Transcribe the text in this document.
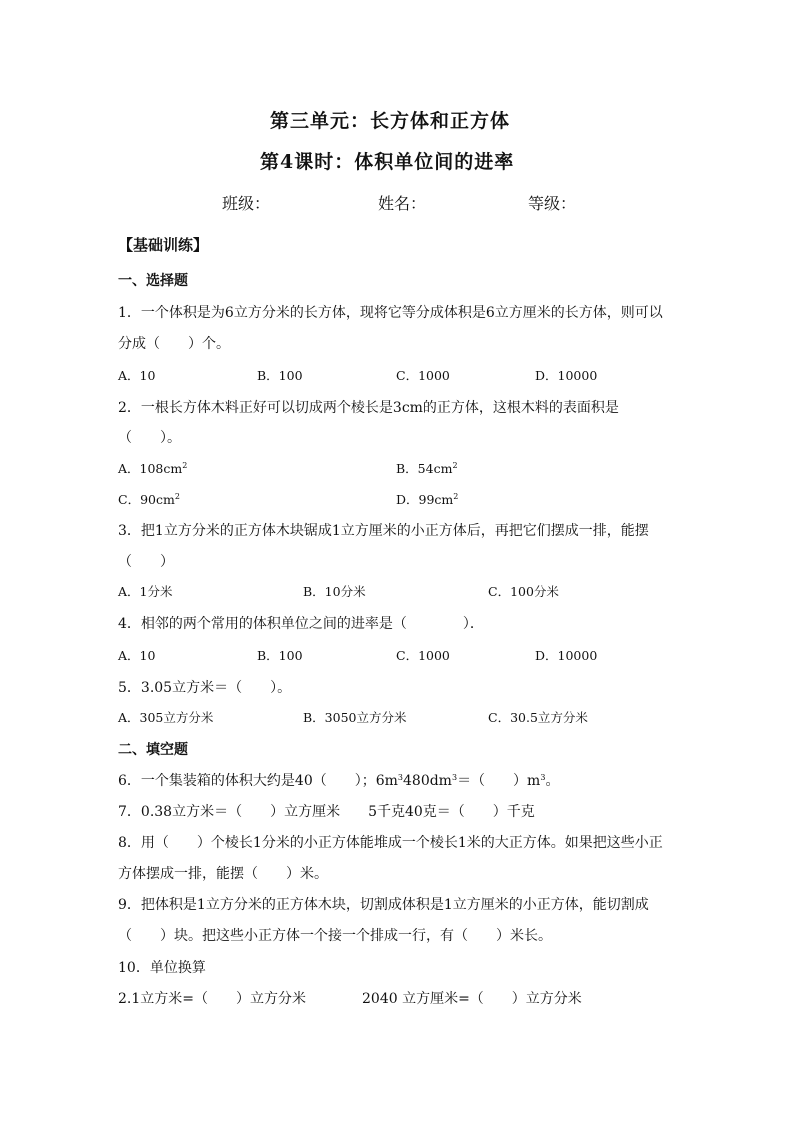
第三单元：长方体和正方体
第4课时：体积单位间的进率
班级：	姓名：	等级：
【基础训练】
一、选择题
1．一个体积是为6立方分米的长方体，现将它等分成体积是6立方厘米的长方体，则可以
分成（　　）个。
A．10	B．100	C．1000	D．10000
2．一根长方体木料正好可以切成两个棱长是3cm的正方体，这根木料的表面积是
（　　）。
A．$108cm^2$	B．$54cm^2$
C．$90cm^2$	D．$99cm^2$
3．把1立方分米的正方体木块锯成1立方厘米的小正方体后，再把它们摆成一排，能摆
（　　）
A．1分米	B．10分米	C．100分米
4．相邻的两个常用的体积单位之间的进率是（　　　　）．
A．10	B．100	C．1000	D．10000
5．3.05立方米＝（　　）。
A．305立方分米	B．3050立方分米	C．30.5立方分米
二、填空题
6．一个集装箱的体积大约是40（　　）；$6m^3480dm^3=$（　　）$m^3$。
7．0.38立方米＝（　　）立方厘米　　5千克40克＝（　　）千克
8．用（　　）个棱长1分米的小正方体能堆成一个棱长1米的大正方体。如果把这些小正
方体摆成一排，能摆（　　）米。
9．把体积是1立方分米的正方体木块，切割成体积是1立方厘米的小正方体，能切割成
（　　）块。把这些小正方体一个接一个排成一行，有（　　）米长。
10．单位换算
2.1立方米=（　　）立方分米	2040 立方厘米=（　　）立方分米
